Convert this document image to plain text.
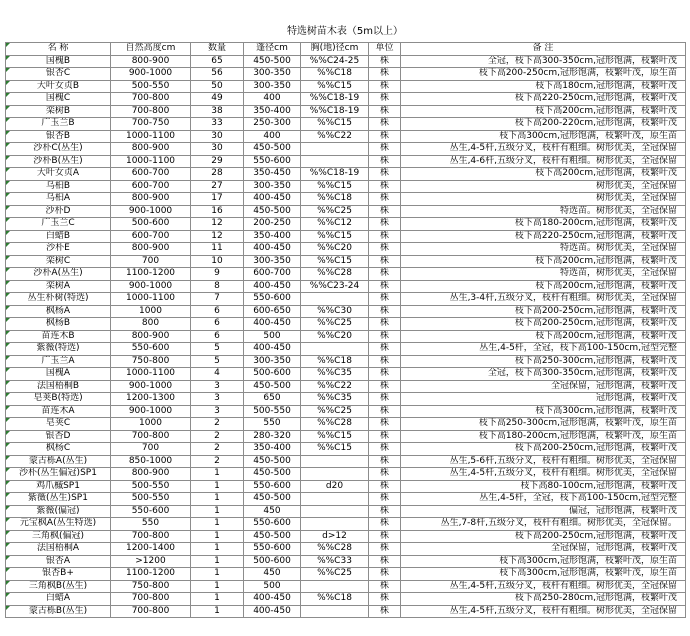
特选树苗木表（5m以上）
名 称	自然高度cm	数量	蓬径cm	胸(地)径cm	单位	备 注
国槐B	800-900	65	450-500	%%C24-25	株	全冠，枝下高300-350cm,冠形饱满，枝繁叶茂
银杏C	900-1000	56	300-350	%%C18	株	枝下高200-250cm,冠形饱满，枝繁叶茂，原生苗
大叶女贞B	500-550	50	300-350	%%C15	株	枝下高180cm,冠形饱满，枝繁叶茂
国槐C	700-800	49	400	%%C18-19	株	枝下高220-250cm,冠形饱满，枝繁叶茂
栾树B	700-800	38	350-400	%%C18-19	株	枝下高200cm,冠形饱满，枝繁叶茂
广玉兰B	700-750	33	250-300	%%C15	株	枝下高200-220cm,冠形饱满，枝繁叶茂
银杏B	1000-1100	30	400	%%C22	株	枝下高300cm,冠形饱满，枝繁叶茂，原生苗
沙朴C(丛生)	800-900	30	450-500		株	丛生,4-5杆,五级分叉，枝杆有粗细。树形优美，全冠保留
沙朴B(丛生)	1000-1100	29	550-600		株	丛生,4-6杆,五级分叉，枝杆有粗细。树形优美，全冠保留
大叶女贞A	600-700	28	350-450	%%C18-19	株	枝下高200cm,冠形饱满，枝繁叶茂
乌桕B	600-700	27	300-350	%%C15	株	树形优美，全冠保留
乌桕A	800-900	17	400-450	%%C18	株	树形优美，全冠保留
沙朴D	900-1000	16	450-500	%%C25	株	特选苗。树形优美，全冠保留
广玉兰C	500-600	12	200-250	%%C12	株	枝下高180-200cm,冠形饱满，枝繁叶茂
白蜡B	600-700	12	350-400	%%C15	株	枝下高220-250cm,冠形饱满，枝繁叶茂
沙朴E	800-900	11	400-450	%%C20	株	特选苗。树形优美，全冠保留
栾树C	700	10	300-350	%%C15	株	枝下高200cm,冠形饱满，枝繁叶茂
沙朴A(丛生)	1100-1200	9	600-700	%%C28	株	特选苗，树形优美，全冠保留
栾树A	900-1000	8	400-450	%%C23-24	株	枝下高200cm,冠形饱满，枝繁叶茂
丛生朴树(特选)	1000-1100	7	550-600		株	丛生,3-4杆,五级分叉，枝杆有粗细。树形优美，全冠保留
枫杨A	1000	6	600-650	%%C30	株	枝下高200-250cm,冠形饱满，枝繁叶茂
枫杨B	800	6	400-450	%%C25	株	枝下高200-250cm,冠形饱满，枝繁叶茂
苗连木B	800-900	6	500	%%C20	株	枝下高200cm,冠形饱满，枝繁叶茂
紫薇(特选)	550-600	5	400-450		株	丛生,4-5杆，全冠，枝下高100-150cm,冠型完整
广玉兰A	750-800	5	300-350	%%C18	株	枝下高250-300cm,冠形饱满，枝繁叶茂
国槐A	1000-1100	4	500-600	%%C35	株	全冠，枝下高300-350cm,冠形饱满，枝繁叶茂
法国梧桐B	900-1000	3	450-500	%%C22	株	全冠保留，冠形饱满，枝繁叶茂
皂荚B(特选)	1200-1300	3	650	%%C35	株	冠形饱满，枝繁叶茂
苗连木A	900-1000	3	500-550	%%C25	株	枝下高300cm,冠形饱满，枝繁叶茂
皂荚C	1000	2	550	%%C28	株	枝下高250-300cm,冠形饱满，枝繁叶茂，原生苗
银杏D	700-800	2	280-320	%%C15	株	枝下高180-200cm,冠形饱满，枝繁叶茂，原生苗
枫杨C	700	2	350-400	%%C15	株	枝下高200-250cm,冠形饱满，枝繁叶茂
蒙古栎A(丛生)	850-1000	2	450-500		株	丛生,5-6杆,五级分叉，枝杆有粗细。树形优美，全冠保留
沙朴(丛生偏冠)SP1	800-900	1	450-500		株	丛生,4-5杆,五级分叉，枝杆有粗细。树形优美，全冠保留
鸡爪槭SP1	500-550	1	550-600	d20	株	枝下高80-100cm,冠形饱满，枝繁叶茂
紫薇(丛生)SP1	500-550	1	450-500		株	丛生,4-5杆，全冠，枝下高100-150cm,冠型完整
紫薇(偏冠)	550-600	1	450		株	偏冠，冠形饱满，枝繁叶茂
元宝枫A(丛生特选)	550	1	550-600		株	丛生,7-8杆,五级分叉，枝杆有粗细。树形优美，全冠保留。
三角枫(偏冠)	700-800	1	450-500	d>12	株	枝下高200-250cm,冠形饱满，枝繁叶茂
法国梧桐A	1200-1400	1	550-600	%%C28	株	全冠保留，冠形饱满，枝繁叶茂
银杏A	>1200	1	500-600	%%C33	株	枝下高300cm,冠形饱满，枝繁叶茂，原生苗
银杏B+	1100-1200	1	450	%%C25	株	枝下高300cm,冠形饱满，枝繁叶茂，原生苗
三角枫B(丛生)	750-800	1	500		株	丛生,4-5杆,五级分叉，枝杆有粗细。树形优美，全冠保留
白蜡A	700-800	1	400-450	%%C18	株	枝下高250-280cm,冠形饱满，枝繁叶茂
蒙古栎B(丛生)	700-800	1	400-450		株	丛生,4-5杆,五级分叉，枝杆有粗细。树形优美，全冠保留
